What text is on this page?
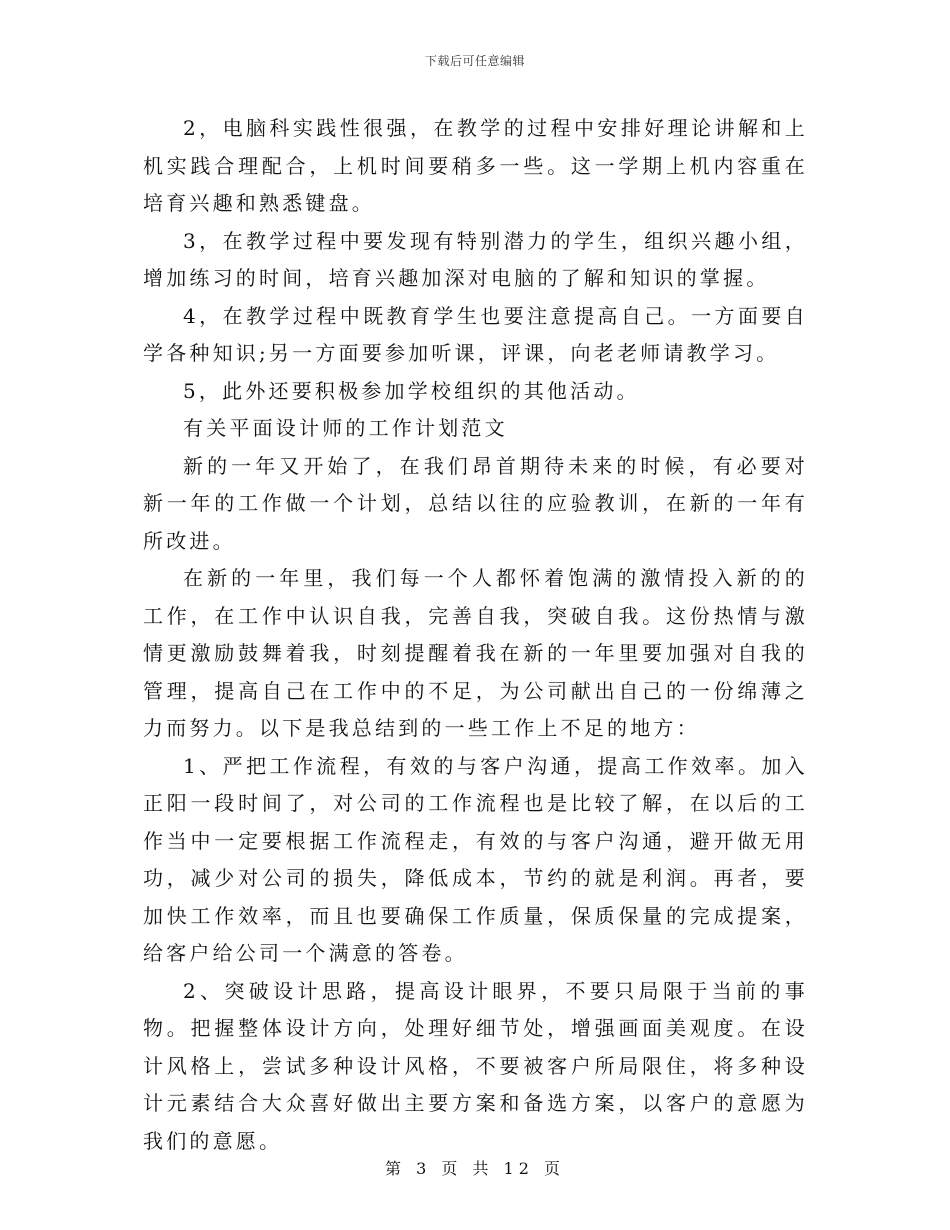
下载后可任意编辑

2，电脑科实践性很强，在教学的过程中安排好理论讲解和上机实践合理配合，上机时间要稍多一些。这一学期上机内容重在培育兴趣和熟悉键盘。

3，在教学过程中要发现有特别潜力的学生，组织兴趣小组，增加练习的时间，培育兴趣加深对电脑的了解和知识的掌握。

4，在教学过程中既教育学生也要注意提高自己。一方面要自学各种知识;另一方面要参加听课，评课，向老老师请教学习。

5，此外还要积极参加学校组织的其他活动。

有关平面设计师的工作计划范文

新的一年又开始了，在我们昂首期待未来的时候，有必要对新一年的工作做一个计划，总结以往的应验教训，在新的一年有所改进。

在新的一年里，我们每一个人都怀着饱满的激情投入新的的工作，在工作中认识自我，完善自我，突破自我。这份热情与激情更激励鼓舞着我，时刻提醒着我在新的一年里要加强对自我的管理，提高自己在工作中的不足，为公司献出自己的一份绵薄之力而努力。以下是我总结到的一些工作上不足的地方：

1、严把工作流程，有效的与客户沟通，提高工作效率。加入正阳一段时间了，对公司的工作流程也是比较了解，在以后的工作当中一定要根据工作流程走，有效的与客户沟通，避开做无用功，减少对公司的损失，降低成本，节约的就是利润。再者，要加快工作效率，而且也要确保工作质量，保质保量的完成提案，给客户给公司一个满意的答卷。

2、突破设计思路，提高设计眼界，不要只局限于当前的事物。把握整体设计方向，处理好细节处，增强画面美观度。在设计风格上，尝试多种设计风格，不要被客户所局限住，将多种设计元素结合大众喜好做出主要方案和备选方案，以客户的意愿为我们的意愿。

第 3 页 共 12 页
